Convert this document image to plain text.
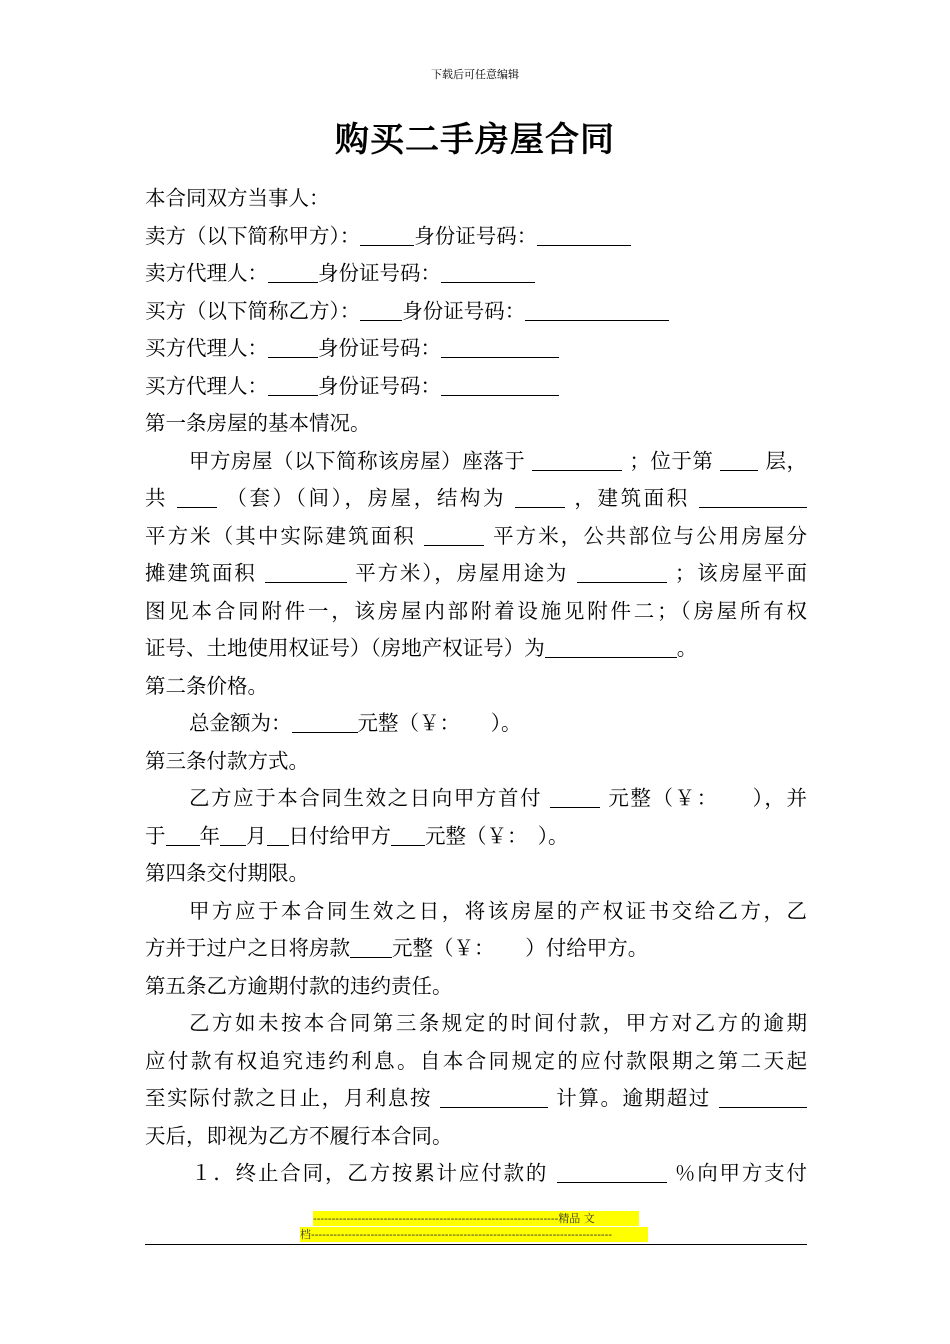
下载后可任意编辑
购买二手房屋合同
本合同双方当事人：
卖方（以下简称甲方）：	身份证号码：
卖方代理人： 身份证号码：
买方（以下简称乙方）： 身份证号码：
买方代理人： 身份证号码：
买方代理人： 身份证号码：
第一条房屋的基本情况。
甲方房屋（以下简称该房屋）座落于	；位于第	层，
共	（套）（间），房屋，结构为	，建筑面积
平方米（其中实际建筑面积	平方米，公共部位与公用房屋分
摊建筑面积	平方米），房屋用途为	；该房屋平面
图见本合同附件一，该房屋内部附着设施见附件二；（房屋所有权
证号、土地使用权证号）（房地产权证号）为	。
第二条价格。
总金额为：	元整（￥：　　）。
第三条付款方式。
乙方应于本合同生效之日向甲方首付	元整（￥：　　），并
于 年 月 日付给甲方 元整（￥：　）。
第四条交付期限。
甲方应于本合同生效之日，将该房屋的产权证书交给乙方，乙
方并于过户之日将房款 元整（￥：　　）付给甲方。
第五条乙方逾期付款的违约责任。
乙方如未按本合同第三条规定的时间付款，甲方对乙方的逾期
应付款有权追究违约利息。自本合同规定的应付款限期之第二天起
至实际付款之日止，月利息按	计算。逾期超过
天后，即视为乙方不履行本合同。
１．终止合同，乙方按累计应付款的	％向甲方支付
------------------------------------------------------------------精品 文
档---------------------------------------------------------------------------------
